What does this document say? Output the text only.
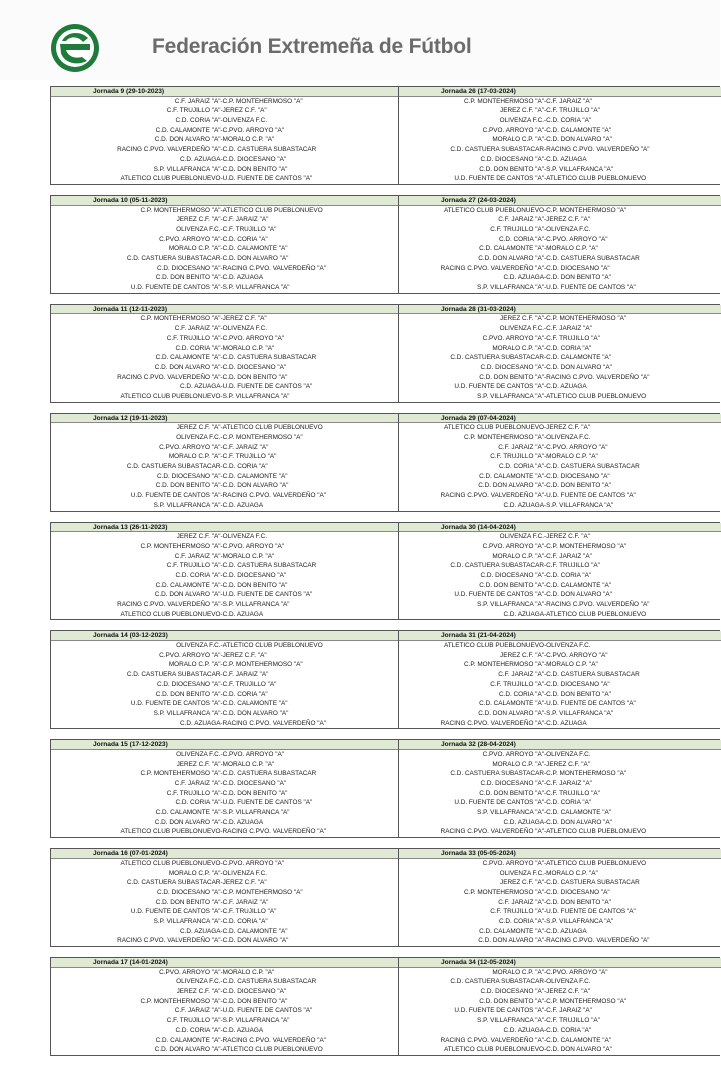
Federación Extremeña de Fútbol
Jornada 9 (29-10-2023)
C.F. JARAIZ "A" -C.P. MONTEHERMOSO "A"
C.F. TRUJILLO "A" -JEREZ C.F. "A"
C.D. CORIA "A" -OLIVENZA F.C.
C.D. CALAMONTE "A" -C.PVO. ARROYO "A"
C.D. DON ALVARO "A" -MORALO C.P. "A"
RACING C.PVO. VALVERDEÑO "A" -C.D. CASTUERA SUBASTACAR
C.D. AZUAGA -C.D. DIOCESANO "A"
S.P. VILLAFRANCA "A" -C.D. DON BENITO "A"
ATLETICO CLUB PUEBLONUEVO -U.D. FUENTE DE CANTOS "A"
Jornada 26 (17-03-2024)
C.P. MONTEHERMOSO "A" -C.F. JARAIZ "A"
JEREZ C.F. "A" -C.F. TRUJILLO "A"
OLIVENZA F.C. -C.D. CORIA "A"
C.PVO. ARROYO "A" -C.D. CALAMONTE "A"
MORALO C.P. "A" -C.D. DON ALVARO "A"
C.D. CASTUERA SUBASTACAR -RACING C.PVO. VALVERDEÑO "A"
C.D. DIOCESANO "A" -C.D. AZUAGA
C.D. DON BENITO "A" -S.P. VILLAFRANCA "A"
U.D. FUENTE DE CANTOS "A" -ATLETICO CLUB PUEBLONUEVO
Jornada 10 (05-11-2023)
C.P. MONTEHERMOSO "A" -ATLETICO CLUB PUEBLONUEVO
JEREZ C.F. "A" -C.F. JARAIZ "A"
OLIVENZA F.C. -C.F. TRUJILLO "A"
C.PVO. ARROYO "A" -C.D. CORIA "A"
MORALO C.P. "A" -C.D. CALAMONTE "A"
C.D. CASTUERA SUBASTACAR -C.D. DON ALVARO "A"
C.D. DIOCESANO "A" -RACING C.PVO. VALVERDEÑO "A"
C.D. DON BENITO "A" -C.D. AZUAGA
U.D. FUENTE DE CANTOS "A" -S.P. VILLAFRANCA "A"
Jornada 27 (24-03-2024)
ATLETICO CLUB PUEBLONUEVO -C.P. MONTEHERMOSO "A"
C.F. JARAIZ "A" -JEREZ C.F. "A"
C.F. TRUJILLO "A" -OLIVENZA F.C.
C.D. CORIA "A" -C.PVO. ARROYO "A"
C.D. CALAMONTE "A" -MORALO C.P. "A"
C.D. DON ALVARO "A" -C.D. CASTUERA SUBASTACAR
RACING C.PVO. VALVERDEÑO "A" -C.D. DIOCESANO "A"
C.D. AZUAGA -C.D. DON BENITO "A"
S.P. VILLAFRANCA "A" -U.D. FUENTE DE CANTOS "A"
Jornada 11 (12-11-2023)
C.P. MONTEHERMOSO "A" -JEREZ C.F. "A"
C.F. JARAIZ "A" -OLIVENZA F.C.
C.F. TRUJILLO "A" -C.PVO. ARROYO "A"
C.D. CORIA "A" -MORALO C.P. "A"
C.D. CALAMONTE "A" -C.D. CASTUERA SUBASTACAR
C.D. DON ALVARO "A" -C.D. DIOCESANO "A"
RACING C.PVO. VALVERDEÑO "A" -C.D. DON BENITO "A"
C.D. AZUAGA -U.D. FUENTE DE CANTOS "A"
ATLETICO CLUB PUEBLONUEVO -S.P. VILLAFRANCA "A"
Jornada 28 (31-03-2024)
JEREZ C.F. "A" -C.P. MONTEHERMOSO "A"
OLIVENZA F.C. -C.F. JARAIZ "A"
C.PVO. ARROYO "A" -C.F. TRUJILLO "A"
MORALO C.P. "A" -C.D. CORIA "A"
C.D. CASTUERA SUBASTACAR -C.D. CALAMONTE "A"
C.D. DIOCESANO "A" -C.D. DON ALVARO "A"
C.D. DON BENITO "A" -RACING C.PVO. VALVERDEÑO "A"
U.D. FUENTE DE CANTOS "A" -C.D. AZUAGA
S.P. VILLAFRANCA "A" -ATLETICO CLUB PUEBLONUEVO
Jornada 12 (19-11-2023)
JEREZ C.F. "A" -ATLETICO CLUB PUEBLONUEVO
OLIVENZA F.C. -C.P. MONTEHERMOSO "A"
C.PVO. ARROYO "A" -C.F. JARAIZ "A"
MORALO C.P. "A" -C.F. TRUJILLO "A"
C.D. CASTUERA SUBASTACAR -C.D. CORIA "A"
C.D. DIOCESANO "A" -C.D. CALAMONTE "A"
C.D. DON BENITO "A" -C.D. DON ALVARO "A"
U.D. FUENTE DE CANTOS "A" -RACING C.PVO. VALVERDEÑO "A"
S.P. VILLAFRANCA "A" -C.D. AZUAGA
Jornada 29 (07-04-2024)
ATLETICO CLUB PUEBLONUEVO -JEREZ C.F. "A"
C.P. MONTEHERMOSO "A" -OLIVENZA F.C.
C.F. JARAIZ "A" -C.PVO. ARROYO "A"
C.F. TRUJILLO "A" -MORALO C.P. "A"
C.D. CORIA "A" -C.D. CASTUERA SUBASTACAR
C.D. CALAMONTE "A" -C.D. DIOCESANO "A"
C.D. DON ALVARO "A" -C.D. DON BENITO "A"
RACING C.PVO. VALVERDEÑO "A" -U.D. FUENTE DE CANTOS "A"
C.D. AZUAGA -S.P. VILLAFRANCA "A"
Jornada 13 (26-11-2023)
JEREZ C.F. "A" -OLIVENZA F.C.
C.P. MONTEHERMOSO "A" -C.PVO. ARROYO "A"
C.F. JARAIZ "A" -MORALO C.P. "A"
C.F. TRUJILLO "A" -C.D. CASTUERA SUBASTACAR
C.D. CORIA "A" -C.D. DIOCESANO "A"
C.D. CALAMONTE "A" -C.D. DON BENITO "A"
C.D. DON ALVARO "A" -U.D. FUENTE DE CANTOS "A"
RACING C.PVO. VALVERDEÑO "A" -S.P. VILLAFRANCA "A"
ATLETICO CLUB PUEBLONUEVO -C.D. AZUAGA
Jornada 30 (14-04-2024)
OLIVENZA F.C. -JEREZ C.F. "A"
C.PVO. ARROYO "A" -C.P. MONTEHERMOSO "A"
MORALO C.P. "A" -C.F. JARAIZ "A"
C.D. CASTUERA SUBASTACAR -C.F. TRUJILLO "A"
C.D. DIOCESANO "A" -C.D. CORIA "A"
C.D. DON BENITO "A" -C.D. CALAMONTE "A"
U.D. FUENTE DE CANTOS "A" -C.D. DON ALVARO "A"
S.P. VILLAFRANCA "A" -RACING C.PVO. VALVERDEÑO "A"
C.D. AZUAGA -ATLETICO CLUB PUEBLONUEVO
Jornada 14 (03-12-2023)
OLIVENZA F.C. -ATLETICO CLUB PUEBLONUEVO
C.PVO. ARROYO "A" -JEREZ C.F. "A"
MORALO C.P. "A" -C.P. MONTEHERMOSO "A"
C.D. CASTUERA SUBASTACAR -C.F. JARAIZ "A"
C.D. DIOCESANO "A" -C.F. TRUJILLO "A"
C.D. DON BENITO "A" -C.D. CORIA "A"
U.D. FUENTE DE CANTOS "A" -C.D. CALAMONTE "A"
S.P. VILLAFRANCA "A" -C.D. DON ALVARO "A"
C.D. AZUAGA -RACING C.PVO. VALVERDEÑO "A"
Jornada 31 (21-04-2024)
ATLETICO CLUB PUEBLONUEVO -OLIVENZA F.C.
JEREZ C.F. "A" -C.PVO. ARROYO "A"
C.P. MONTEHERMOSO "A" -MORALO C.P. "A"
C.F. JARAIZ "A" -C.D. CASTUERA SUBASTACAR
C.F. TRUJILLO "A" -C.D. DIOCESANO "A"
C.D. CORIA "A" -C.D. DON BENITO "A"
C.D. CALAMONTE "A" -U.D. FUENTE DE CANTOS "A"
C.D. DON ALVARO "A" -S.P. VILLAFRANCA "A"
RACING C.PVO. VALVERDEÑO "A" -C.D. AZUAGA
Jornada 15 (17-12-2023)
OLIVENZA F.C. -C.PVO. ARROYO "A"
JEREZ C.F. "A" -MORALO C.P. "A"
C.P. MONTEHERMOSO "A" -C.D. CASTUERA SUBASTACAR
C.F. JARAIZ "A" -C.D. DIOCESANO "A"
C.F. TRUJILLO "A" -C.D. DON BENITO "A"
C.D. CORIA "A" -U.D. FUENTE DE CANTOS "A"
C.D. CALAMONTE "A" -S.P. VILLAFRANCA "A"
C.D. DON ALVARO "A" -C.D. AZUAGA
ATLETICO CLUB PUEBLONUEVO -RACING C.PVO. VALVERDEÑO "A"
Jornada 32 (28-04-2024)
C.PVO. ARROYO "A" -OLIVENZA F.C.
MORALO C.P. "A" -JEREZ C.F. "A"
C.D. CASTUERA SUBASTACAR -C.P. MONTEHERMOSO "A"
C.D. DIOCESANO "A" -C.F. JARAIZ "A"
C.D. DON BENITO "A" -C.F. TRUJILLO "A"
U.D. FUENTE DE CANTOS "A" -C.D. CORIA "A"
S.P. VILLAFRANCA "A" -C.D. CALAMONTE "A"
C.D. AZUAGA -C.D. DON ALVARO "A"
RACING C.PVO. VALVERDEÑO "A" -ATLETICO CLUB PUEBLONUEVO
Jornada 16 (07-01-2024)
ATLETICO CLUB PUEBLONUEVO -C.PVO. ARROYO "A"
MORALO C.P. "A" -OLIVENZA F.C.
C.D. CASTUERA SUBASTACAR -JEREZ C.F. "A"
C.D. DIOCESANO "A" -C.P. MONTEHERMOSO "A"
C.D. DON BENITO "A" -C.F. JARAIZ "A"
U.D. FUENTE DE CANTOS "A" -C.F. TRUJILLO "A"
S.P. VILLAFRANCA "A" -C.D. CORIA "A"
C.D. AZUAGA -C.D. CALAMONTE "A"
RACING C.PVO. VALVERDEÑO "A" -C.D. DON ALVARO "A"
Jornada 33 (05-05-2024)
C.PVO. ARROYO "A" -ATLETICO CLUB PUEBLONUEVO
OLIVENZA F.C. -MORALO C.P. "A"
JEREZ C.F. "A" -C.D. CASTUERA SUBASTACAR
C.P. MONTEHERMOSO "A" -C.D. DIOCESANO "A"
C.F. JARAIZ "A" -C.D. DON BENITO "A"
C.F. TRUJILLO "A" -U.D. FUENTE DE CANTOS "A"
C.D. CORIA "A" -S.P. VILLAFRANCA "A"
C.D. CALAMONTE "A" -C.D. AZUAGA
C.D. DON ALVARO "A" -RACING C.PVO. VALVERDEÑO "A"
Jornada 17 (14-01-2024)
C.PVO. ARROYO "A" -MORALO C.P. "A"
OLIVENZA F.C. -C.D. CASTUERA SUBASTACAR
JEREZ C.F. "A" -C.D. DIOCESANO "A"
C.P. MONTEHERMOSO "A" -C.D. DON BENITO "A"
C.F. JARAIZ "A" -U.D. FUENTE DE CANTOS "A"
C.F. TRUJILLO "A" -S.P. VILLAFRANCA "A"
C.D. CORIA "A" -C.D. AZUAGA
C.D. CALAMONTE "A" -RACING C.PVO. VALVERDEÑO "A"
C.D. DON ALVARO "A" -ATLETICO CLUB PUEBLONUEVO
Jornada 34 (12-05-2024)
MORALO C.P. "A" -C.PVO. ARROYO "A"
C.D. CASTUERA SUBASTACAR -OLIVENZA F.C.
C.D. DIOCESANO "A" -JEREZ C.F. "A"
C.D. DON BENITO "A" -C.P. MONTEHERMOSO "A"
U.D. FUENTE DE CANTOS "A" -C.F. JARAIZ "A"
S.P. VILLAFRANCA "A" -C.F. TRUJILLO "A"
C.D. AZUAGA -C.D. CORIA "A"
RACING C.PVO. VALVERDEÑO "A" -C.D. CALAMONTE "A"
ATLETICO CLUB PUEBLONUEVO -C.D. DON ALVARO "A"
